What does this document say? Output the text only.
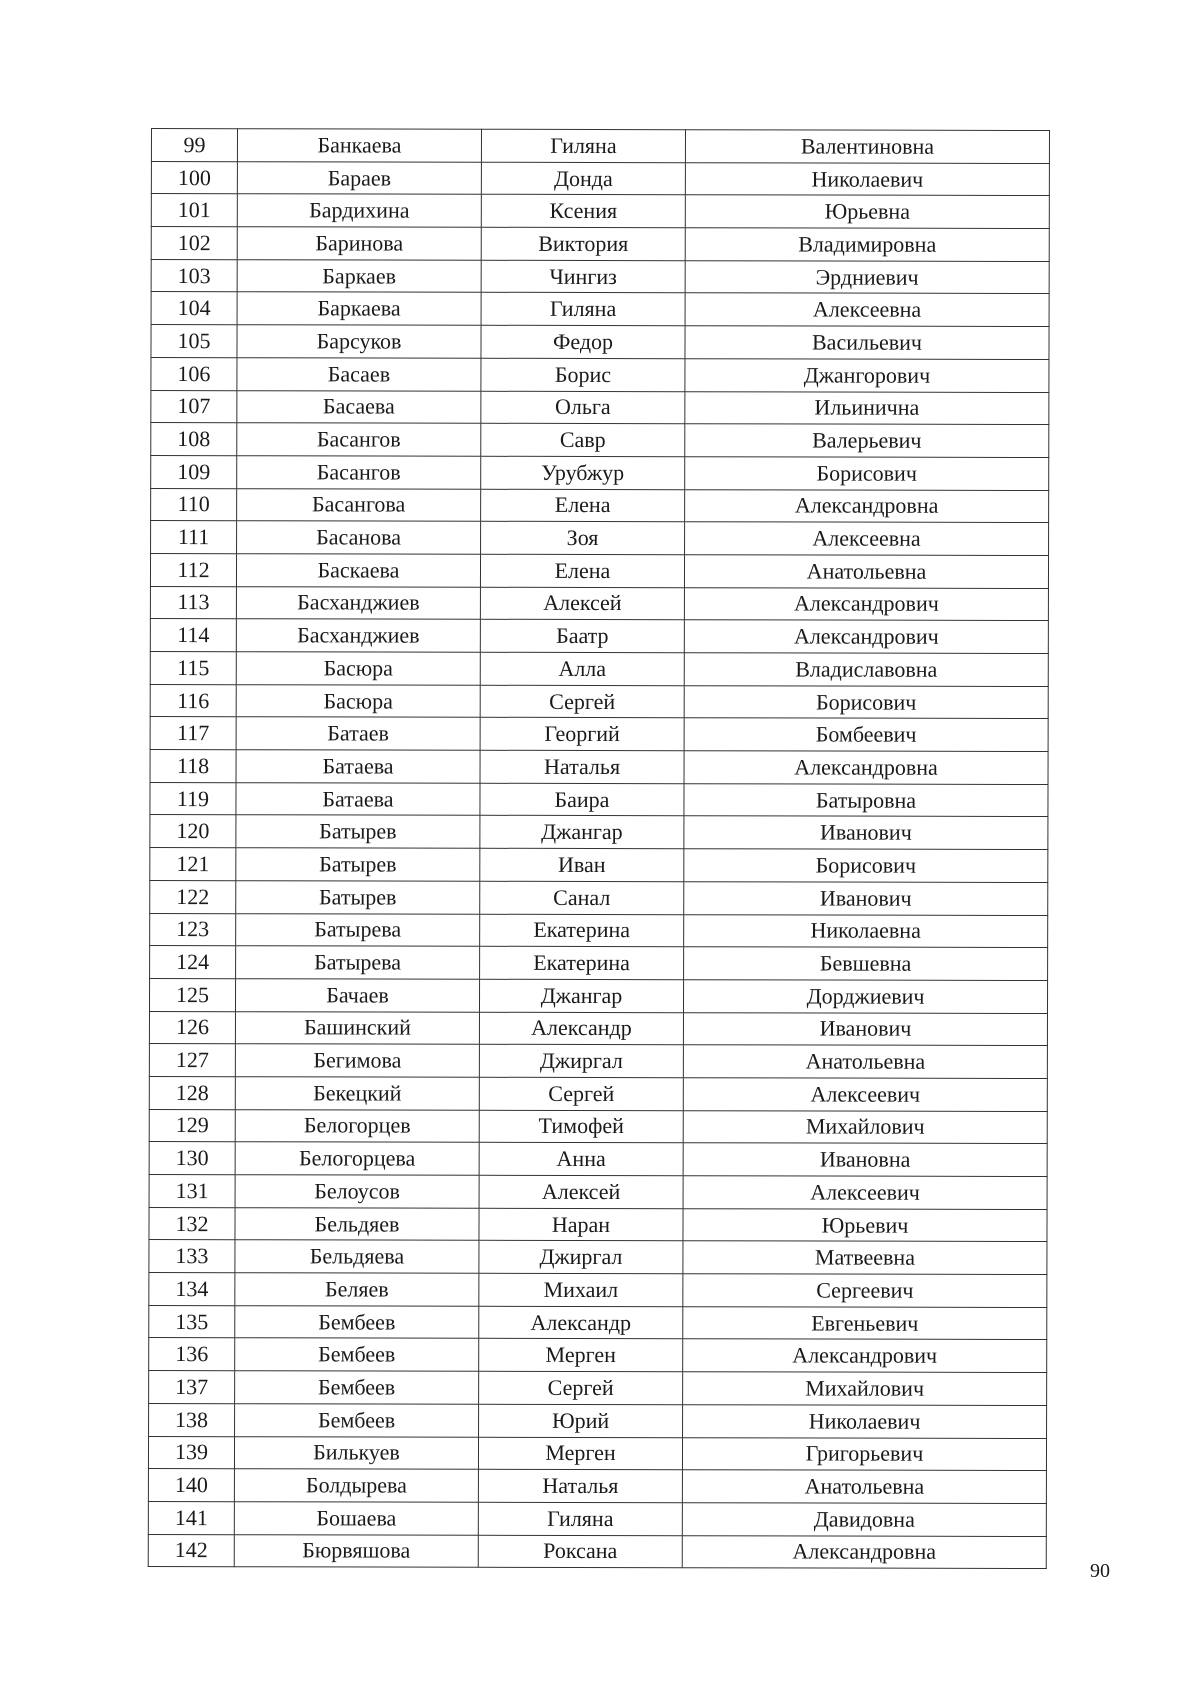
99	Банкаева	Гиляна	Валентиновна
100	Бараев	Донда	Николаевич
101	Бардихина	Ксения	Юрьевна
102	Баринова	Виктория	Владимировна
103	Баркаев	Чингиз	Эрдниевич
104	Баркаева	Гиляна	Алексеевна
105	Барсуков	Федор	Васильевич
106	Басаев	Борис	Джангорович
107	Басаева	Ольга	Ильинична
108	Басангов	Савр	Валерьевич
109	Басангов	Урубжур	Борисович
110	Басангова	Елена	Александровна
111	Басанова	Зоя	Алексеевна
112	Баскаева	Елена	Анатольевна
113	Басханджиев	Алексей	Александрович
114	Басханджиев	Баатр	Александрович
115	Басюра	Алла	Владиславовна
116	Басюра	Сергей	Борисович
117	Батаев	Георгий	Бомбеевич
118	Батаева	Наталья	Александровна
119	Батаева	Баира	Батыровна
120	Батырев	Джангар	Иванович
121	Батырев	Иван	Борисович
122	Батырев	Санал	Иванович
123	Батырева	Екатерина	Николаевна
124	Батырева	Екатерина	Бевшевна
125	Бачаев	Джангар	Дорджиевич
126	Башинский	Александр	Иванович
127	Бегимова	Джиргал	Анатольевна
128	Бекецкий	Сергей	Алексеевич
129	Белогорцев	Тимофей	Михайлович
130	Белогорцева	Анна	Ивановна
131	Белоусов	Алексей	Алексеевич
132	Бельдяев	Наран	Юрьевич
133	Бельдяева	Джиргал	Матвеевна
134	Беляев	Михаил	Сергеевич
135	Бембеев	Александр	Евгеньевич
136	Бембеев	Мерген	Александрович
137	Бембеев	Сергей	Михайлович
138	Бембеев	Юрий	Николаевич
139	Билькуев	Мерген	Григорьевич
140	Болдырева	Наталья	Анатольевна
141	Бошаева	Гиляна	Давидовна
142	Бюрвяшова	Роксана	Александровна
90
